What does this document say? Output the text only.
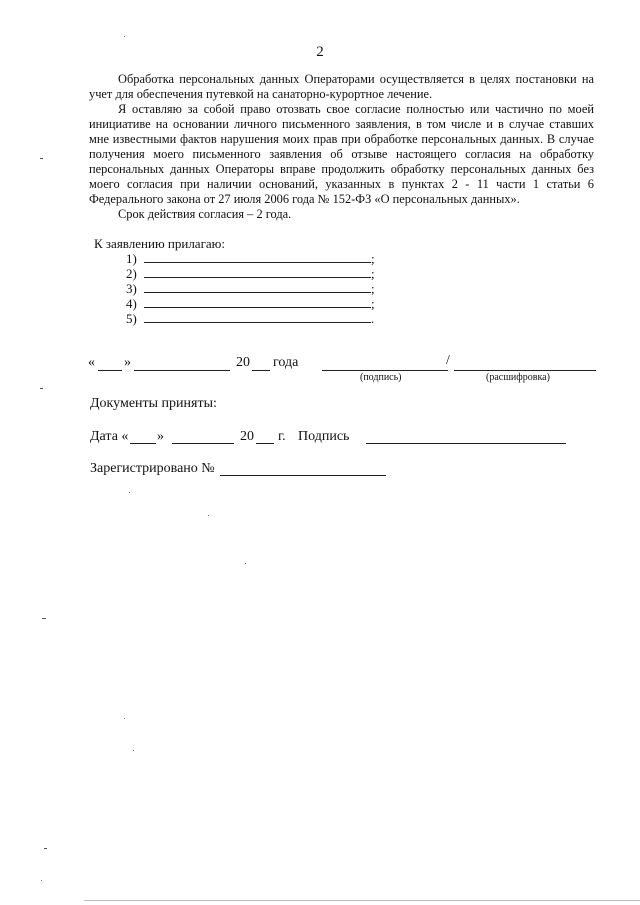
2
Обработка персональных данных Операторами осуществляется в целях постановки на
учет для обеспечения путевкой на санаторно-курортное лечение.
Я оставляю за собой право отозвать свое согласие полностью или частично по моей
инициативе на основании личного письменного заявления, в том числе и в случае ставших
мне известными фактов нарушения моих прав при обработке персональных данных. В случае
получения моего письменного заявления об отзыве настоящего согласия на обработку
персональных данных Операторы вправе продолжить обработку персональных данных без
моего согласия при наличии оснований, указанных в пунктах 2 - 11 части 1 статьи 6
Федерального закона от 27 июля 2006 года № 152-ФЗ «О персональных данных».
Срок действия согласия – 2 года.
К заявлению прилагаю:
1)	;
2)	;
3)	;
4)	;
5)	.
« »	20 года	/
(подпись)	(расшифровка)
Документы приняты:
Дата « »	20 г. Подпись
Зарегистрировано №
